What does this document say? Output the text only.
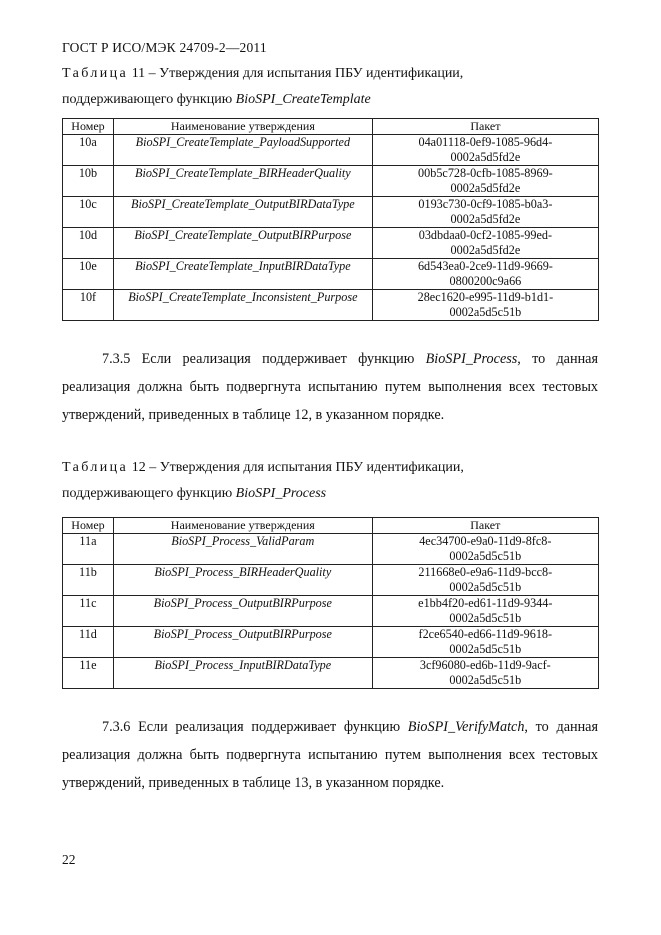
ГОСТ Р ИСО/МЭК 24709-2—2011
Таблица 11 – Утверждения для испытания ПБУ идентификации,
поддерживающего функцию BioSPI_CreateTemplate
Номер	Наименование утверждения	Пакет
10a	BioSPI_CreateTemplate_PayloadSupported	04a01118-0ef9-1085-96d4-
0002a5d5fd2e

10b	BioSPI_CreateTemplate_BIRHeaderQuality	00b5c728-0cfb-1085-8969-
0002a5d5fd2e

10c	BioSPI_CreateTemplate_OutputBIRDataType	0193c730-0cf9-1085-b0a3-
0002a5d5fd2e

10d	BioSPI_CreateTemplate_OutputBIRPurpose	03dbdaa0-0cf2-1085-99ed-
0002a5d5fd2e

10e	BioSPI_CreateTemplate_InputBIRDataType	6d543ea0-2ce9-11d9-9669-
0800200c9a66

10f	BioSPI_CreateTemplate_Inconsistent_Purpose	28ec1620-e995-11d9-b1d1-
0002a5d5c51b
7.3.5 Если реализация поддерживает функцию BioSPI_Process, то данная реализация должна быть подвергнута испытанию путем выполнения всех тестовых утверждений, приведенных в таблице 12, в указанном порядке.
Таблица 12 – Утверждения для испытания ПБУ идентификации,
поддерживающего функцию BioSPI_Process
Номер	Наименование утверждения	Пакет
11a	BioSPI_Process_ValidParam	4ec34700-e9a0-11d9-8fc8-
0002a5d5c51b

11b	BioSPI_Process_BIRHeaderQuality	211668e0-e9a6-11d9-bcc8-
0002a5d5c51b

11c	BioSPI_Process_OutputBIRPurpose	e1bb4f20-ed61-11d9-9344-
0002a5d5c51b

11d	BioSPI_Process_OutputBIRPurpose	f2ce6540-ed66-11d9-9618-
0002a5d5c51b

11e	BioSPI_Process_InputBIRDataType	3cf96080-ed6b-11d9-9acf-
0002a5d5c51b
7.3.6 Если реализация поддерживает функцию BioSPI_VerifyMatch, то данная реализация должна быть подвергнута испытанию путем выполнения всех тестовых утверждений, приведенных в таблице 13, в указанном порядке.
22
